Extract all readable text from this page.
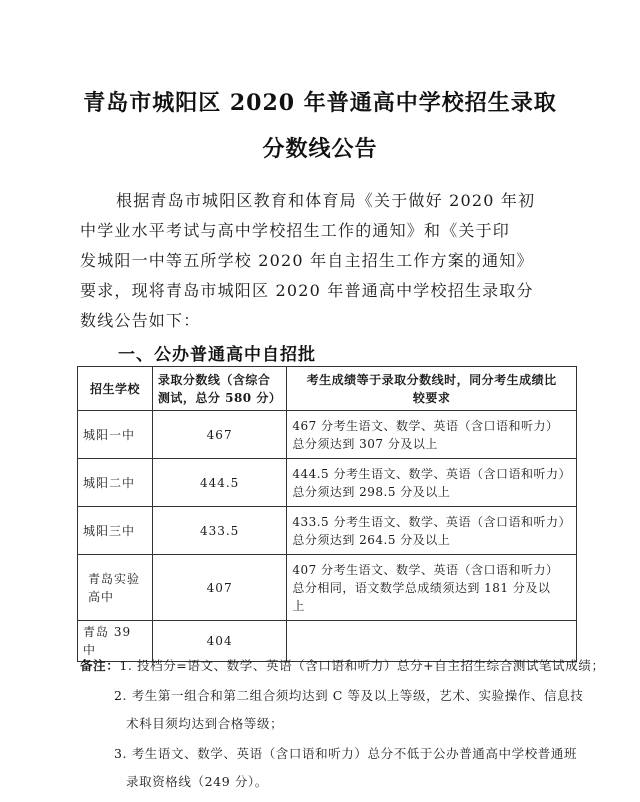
青岛市城阳区 2020 年普通高中学校招生录取
分数线公告
根据青岛市城阳区教育和体育局《关于做好 2020 年初
中学业水平考试与高中学校招生工作的通知》和《关于印
发城阳一中等五所学校 2020 年自主招生工作方案的通知》
要求，现将青岛市城阳区 2020 年普通高中学校招生录取分
数线公告如下：
一、公办普通高中自招批
招生学校	录取分数线（含综合
测试，总分 580 分）	考生成绩等于录取分数线时，同分考生成绩比
较要求

城阳一中	467	467 分考生语文、数学、英语（含口语和听力）
总分须达到 307 分及以上

城阳二中	444.5	444.5 分考生语文、数学、英语（含口语和听力）
总分须达到 298.5 分及以上

城阳三中	433.5	433.5 分考生语文、数学、英语（含口语和听力）
总分须达到 264.5 分及以上

青岛实验高中	407	407 分考生语文、数学、英语（含口语和听力）
总分相同，语文数学总成绩须达到 181 分及以
上

青岛 39 中	404	
备注：1. 投档分=语文、数学、英语（含口语和听力）总分+自主招生综合测试笔试成绩；
2. 考生第一组合和第二组合须均达到 C 等及以上等级，艺术、实验操作、信息技
术科目须均达到合格等级；
3. 考生语文、数学、英语（含口语和听力）总分不低于公办普通高中学校普通班
录取资格线（249 分）。
